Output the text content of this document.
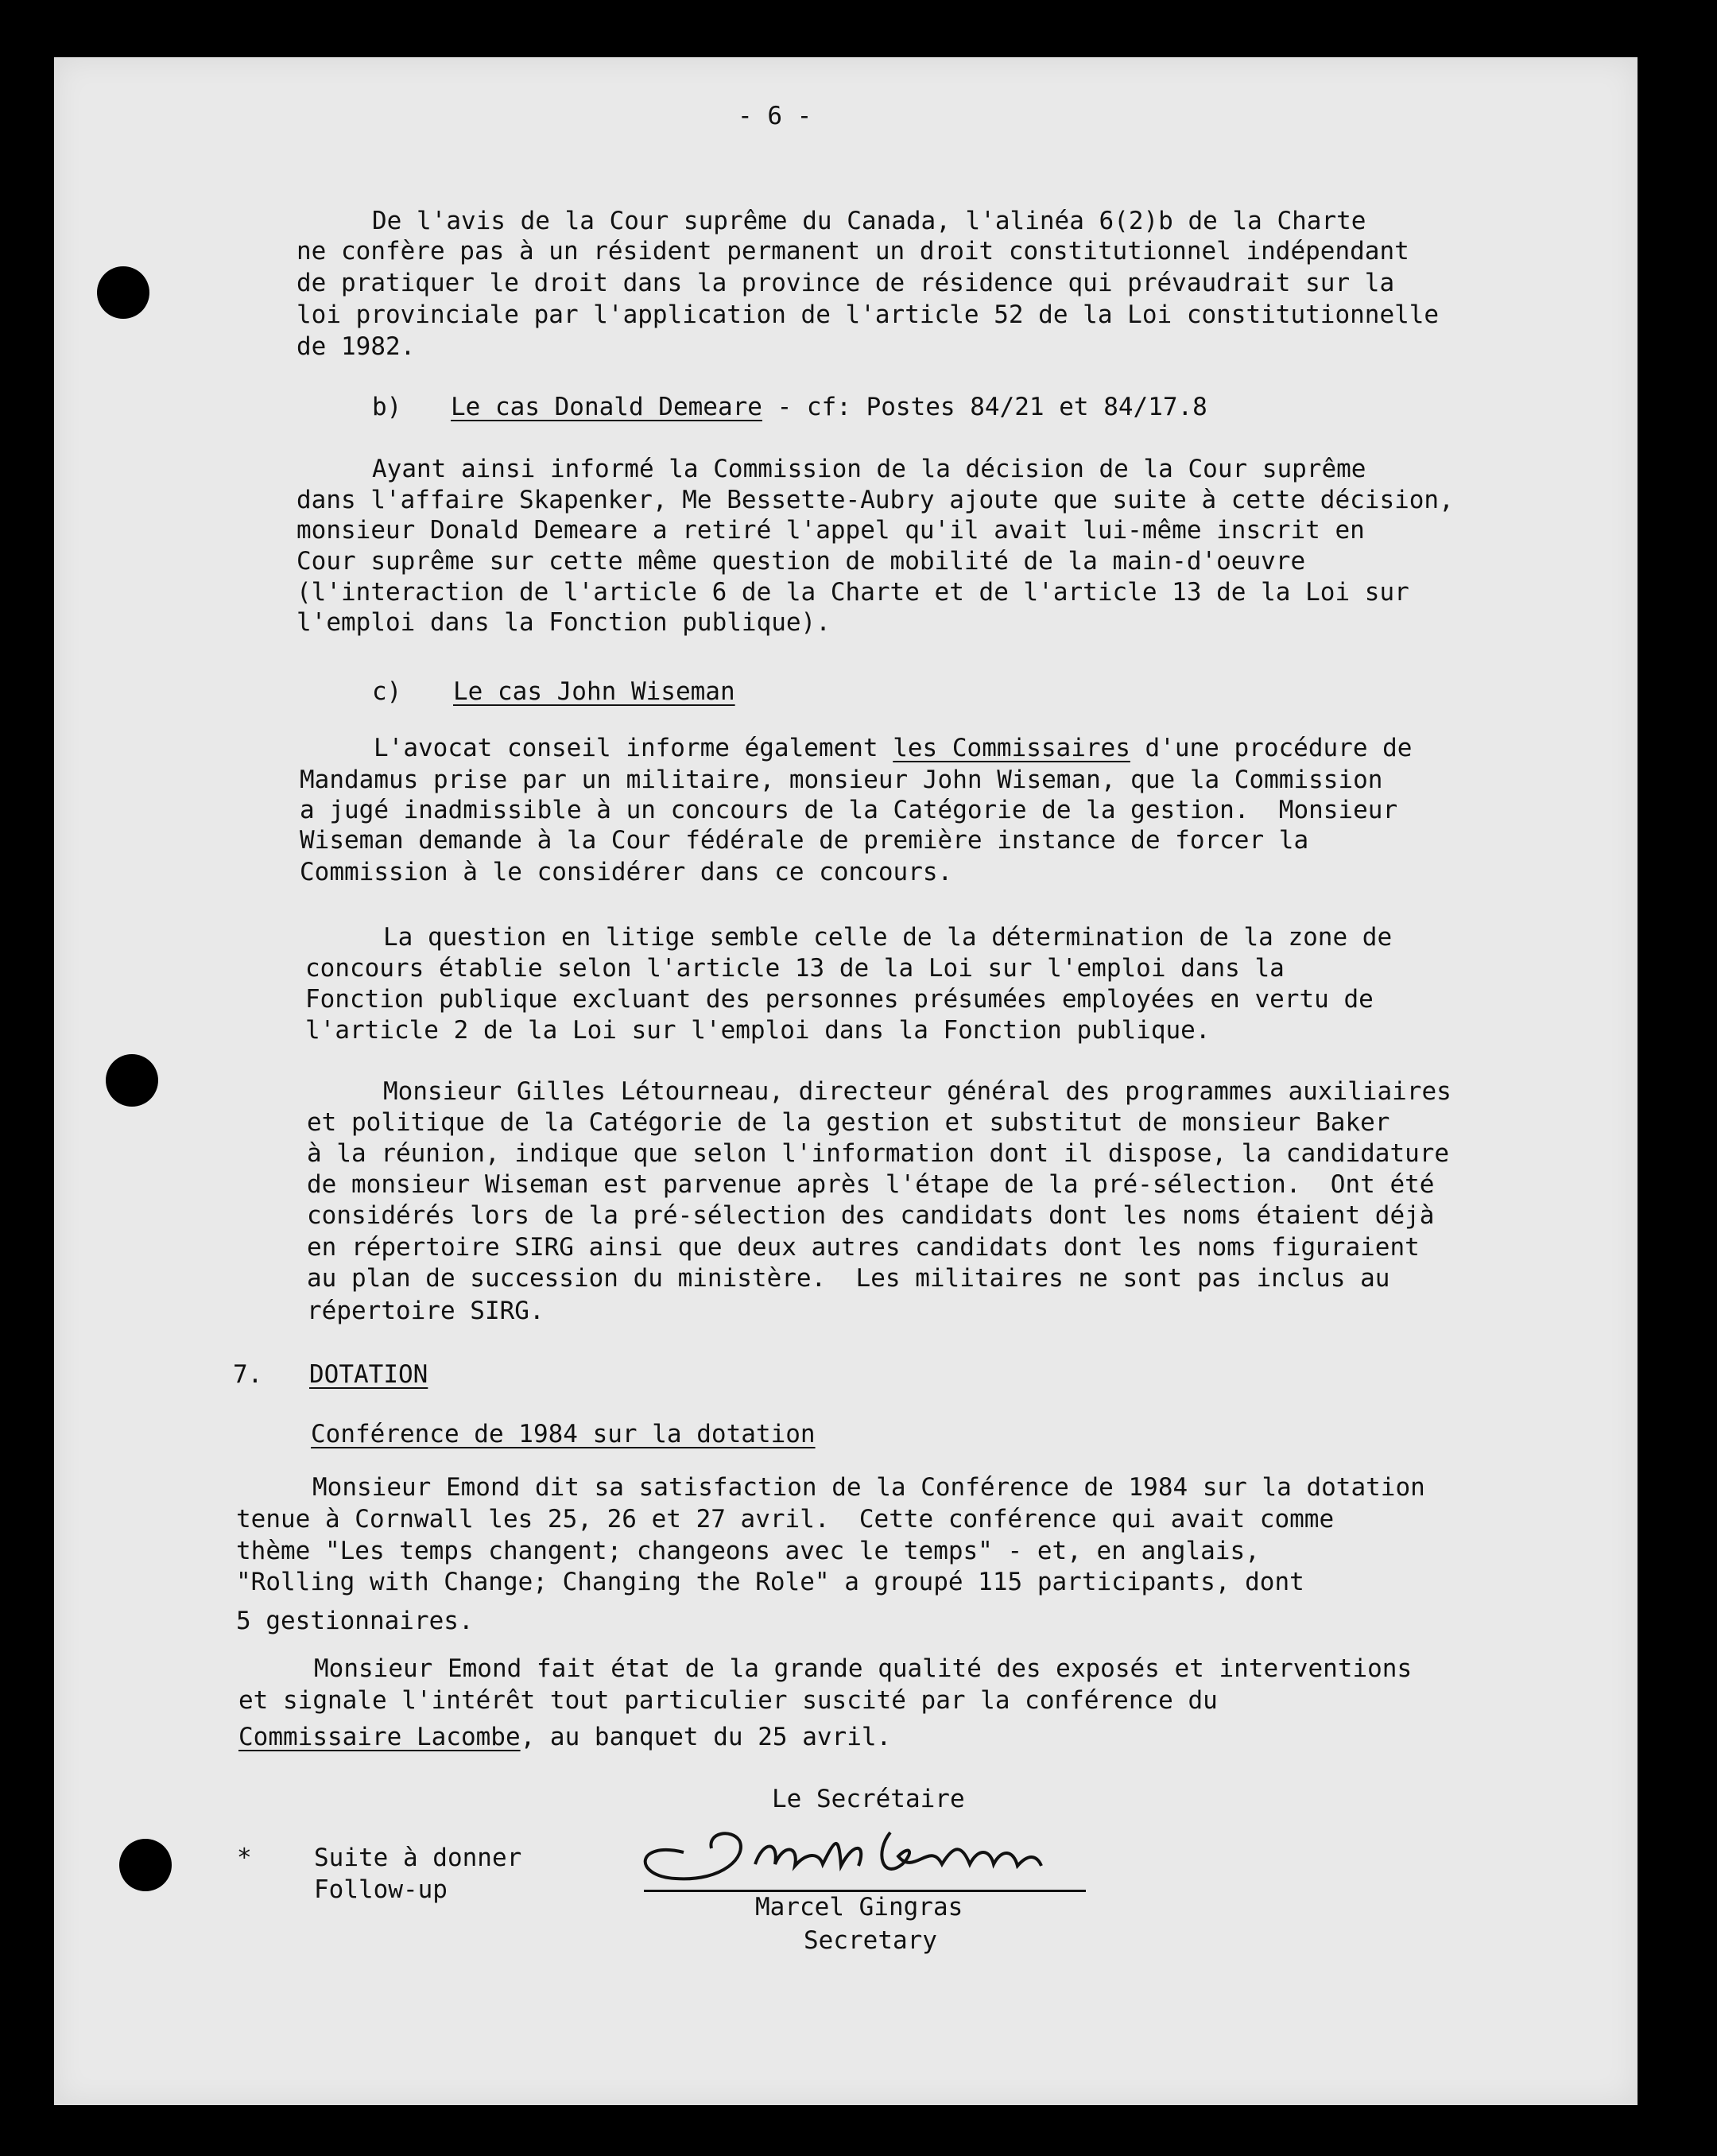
- 6 -
De l'avis de la Cour suprême du Canada, l'alinéa 6(2)b de la Charte
ne confère pas à un résident permanent un droit constitutionnel indépendant
de pratiquer le droit dans la province de résidence qui prévaudrait sur la
loi provinciale par l'application de l'article 52 de la Loi constitutionnelle
de 1982.
b) Le cas Donald Demeare - cf: Postes 84/21 et 84/17.8
Ayant ainsi informé la Commission de la décision de la Cour suprême
dans l'affaire Skapenker, Me Bessette-Aubry ajoute que suite à cette décision,
monsieur Donald Demeare a retiré l'appel qu'il avait lui-même inscrit en
Cour suprême sur cette même question de mobilité de la main-d'oeuvre
(l'interaction de l'article 6 de la Charte et de l'article 13 de la Loi sur
l'emploi dans la Fonction publique).
c) Le cas John Wiseman
L'avocat conseil informe également les Commissaires d'une procédure de
Mandamus prise par un militaire, monsieur John Wiseman, que la Commission
a jugé inadmissible à un concours de la Catégorie de la gestion.  Monsieur
Wiseman demande à la Cour fédérale de première instance de forcer la
Commission à le considérer dans ce concours.
La question en litige semble celle de la détermination de la zone de
concours établie selon l'article 13 de la Loi sur l'emploi dans la
Fonction publique excluant des personnes présumées employées en vertu de
l'article 2 de la Loi sur l'emploi dans la Fonction publique.
Monsieur Gilles Létourneau, directeur général des programmes auxiliaires
et politique de la Catégorie de la gestion et substitut de monsieur Baker
à la réunion, indique que selon l'information dont il dispose, la candidature
de monsieur Wiseman est parvenue après l'étape de la pré-sélection.  Ont été
considérés lors de la pré-sélection des candidats dont les noms étaient déjà
en répertoire SIRG ainsi que deux autres candidats dont les noms figuraient
au plan de succession du ministère.  Les militaires ne sont pas inclus au
répertoire SIRG.
7. DOTATION
Conférence de 1984 sur la dotation
Monsieur Emond dit sa satisfaction de la Conférence de 1984 sur la dotation
tenue à Cornwall les 25, 26 et 27 avril.  Cette conférence qui avait comme
thème "Les temps changent; changeons avec le temps" - et, en anglais,
"Rolling with Change; Changing the Role" a groupé 115 participants, dont
5 gestionnaires.
Monsieur Emond fait état de la grande qualité des exposés et interventions
et signale l'intérêt tout particulier suscité par la conférence du
Commissaire Lacombe, au banquet du 25 avril.
Le Secrétaire
Marcel Gingras
Secretary
*	Suite à donner
Follow-up
